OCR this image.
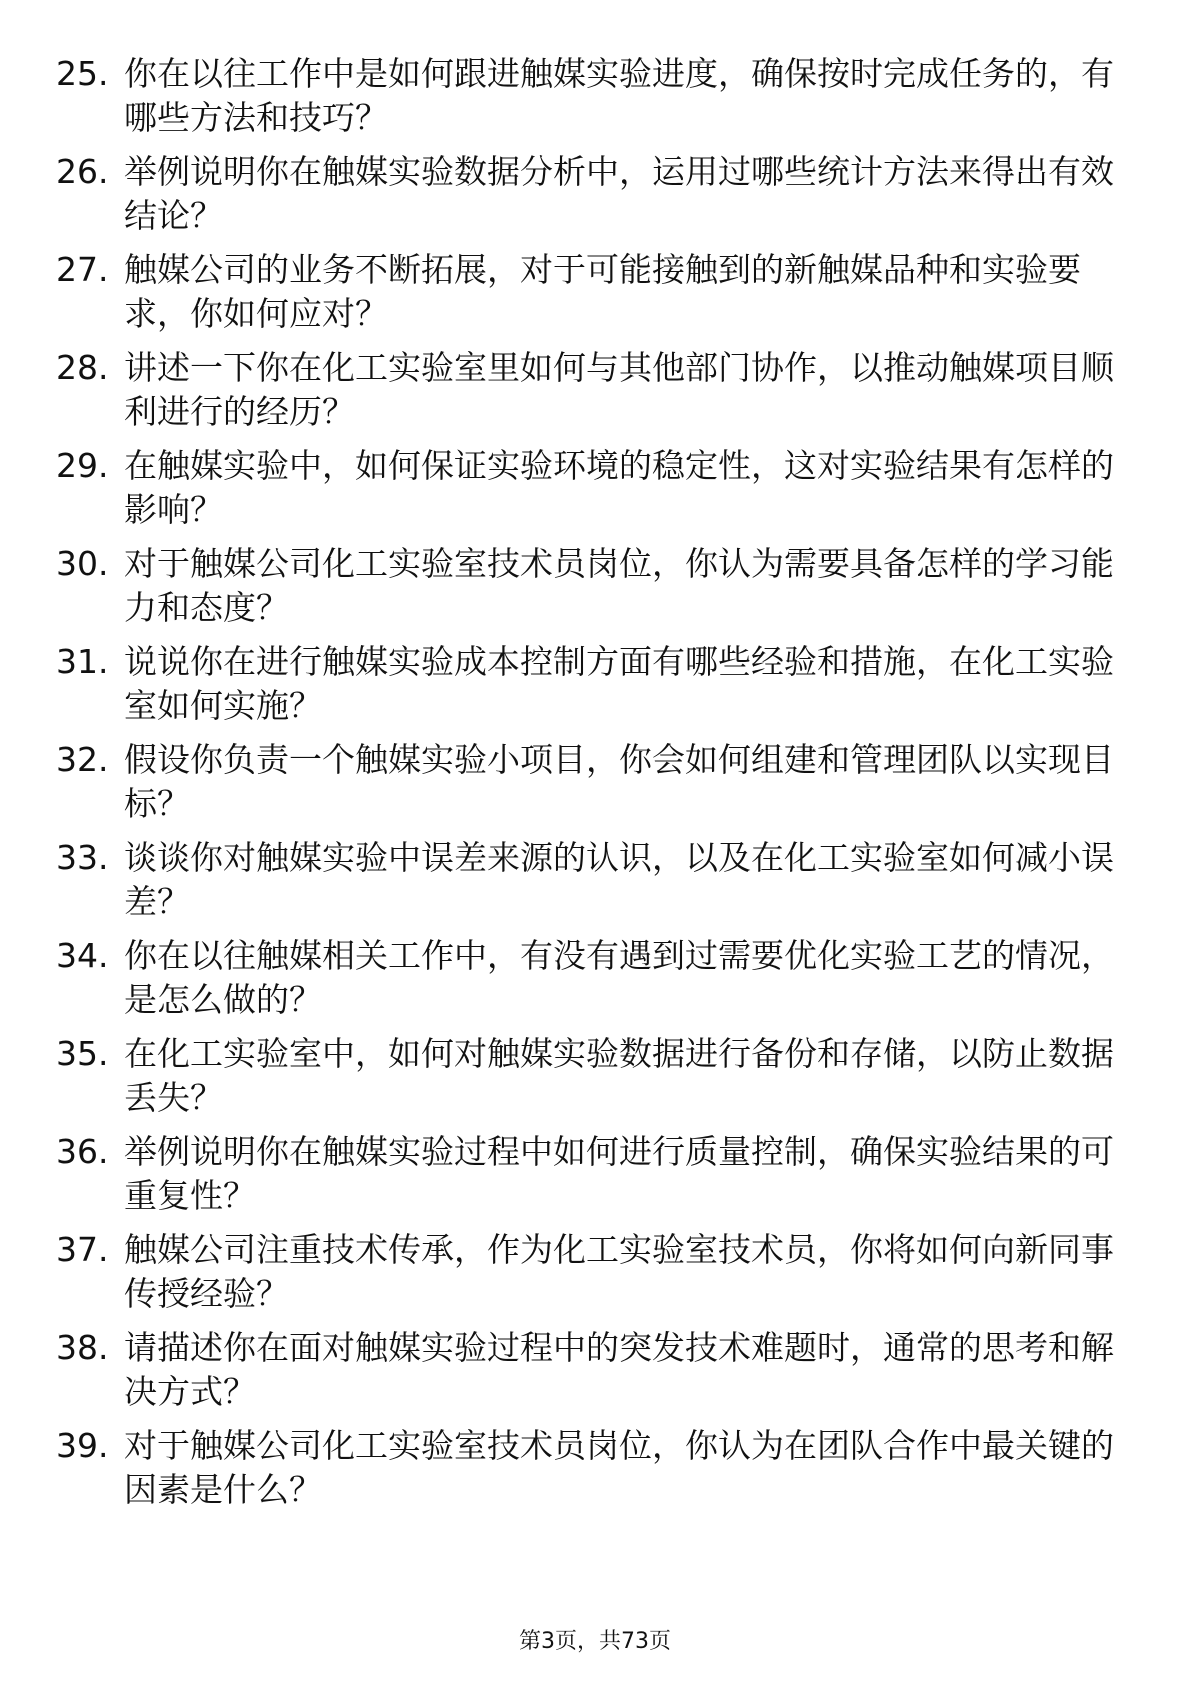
25. 你在以往工作中是如何跟进触媒实验进度，确保按时完成任务的，有哪些方法和技巧？
26. 举例说明你在触媒实验数据分析中，运用过哪些统计方法来得出有效结论？
27. 触媒公司的业务不断拓展，对于可能接触到的新触媒品种和实验要求，你如何应对？
28. 讲述一下你在化工实验室里如何与其他部门协作，以推动触媒项目顺利进行的经历？
29. 在触媒实验中，如何保证实验环境的稳定性，这对实验结果有怎样的影响？
30. 对于触媒公司化工实验室技术员岗位，你认为需要具备怎样的学习能力和态度？
31. 说说你在进行触媒实验成本控制方面有哪些经验和措施，在化工实验室如何实施？
32. 假设你负责一个触媒实验小项目，你会如何组建和管理团队以实现目标？
33. 谈谈你对触媒实验中误差来源的认识，以及在化工实验室如何减小误差？
34. 你在以往触媒相关工作中，有没有遇到过需要优化实验工艺的情况，是怎么做的？
35. 在化工实验室中，如何对触媒实验数据进行备份和存储，以防止数据丢失？
36. 举例说明你在触媒实验过程中如何进行质量控制，确保实验结果的可重复性？
37. 触媒公司注重技术传承，作为化工实验室技术员，你将如何向新同事传授经验？
38. 请描述你在面对触媒实验过程中的突发技术难题时，通常的思考和解决方式？
39. 对于触媒公司化工实验室技术员岗位，你认为在团队合作中最关键的因素是什么？
第3页，共73页
